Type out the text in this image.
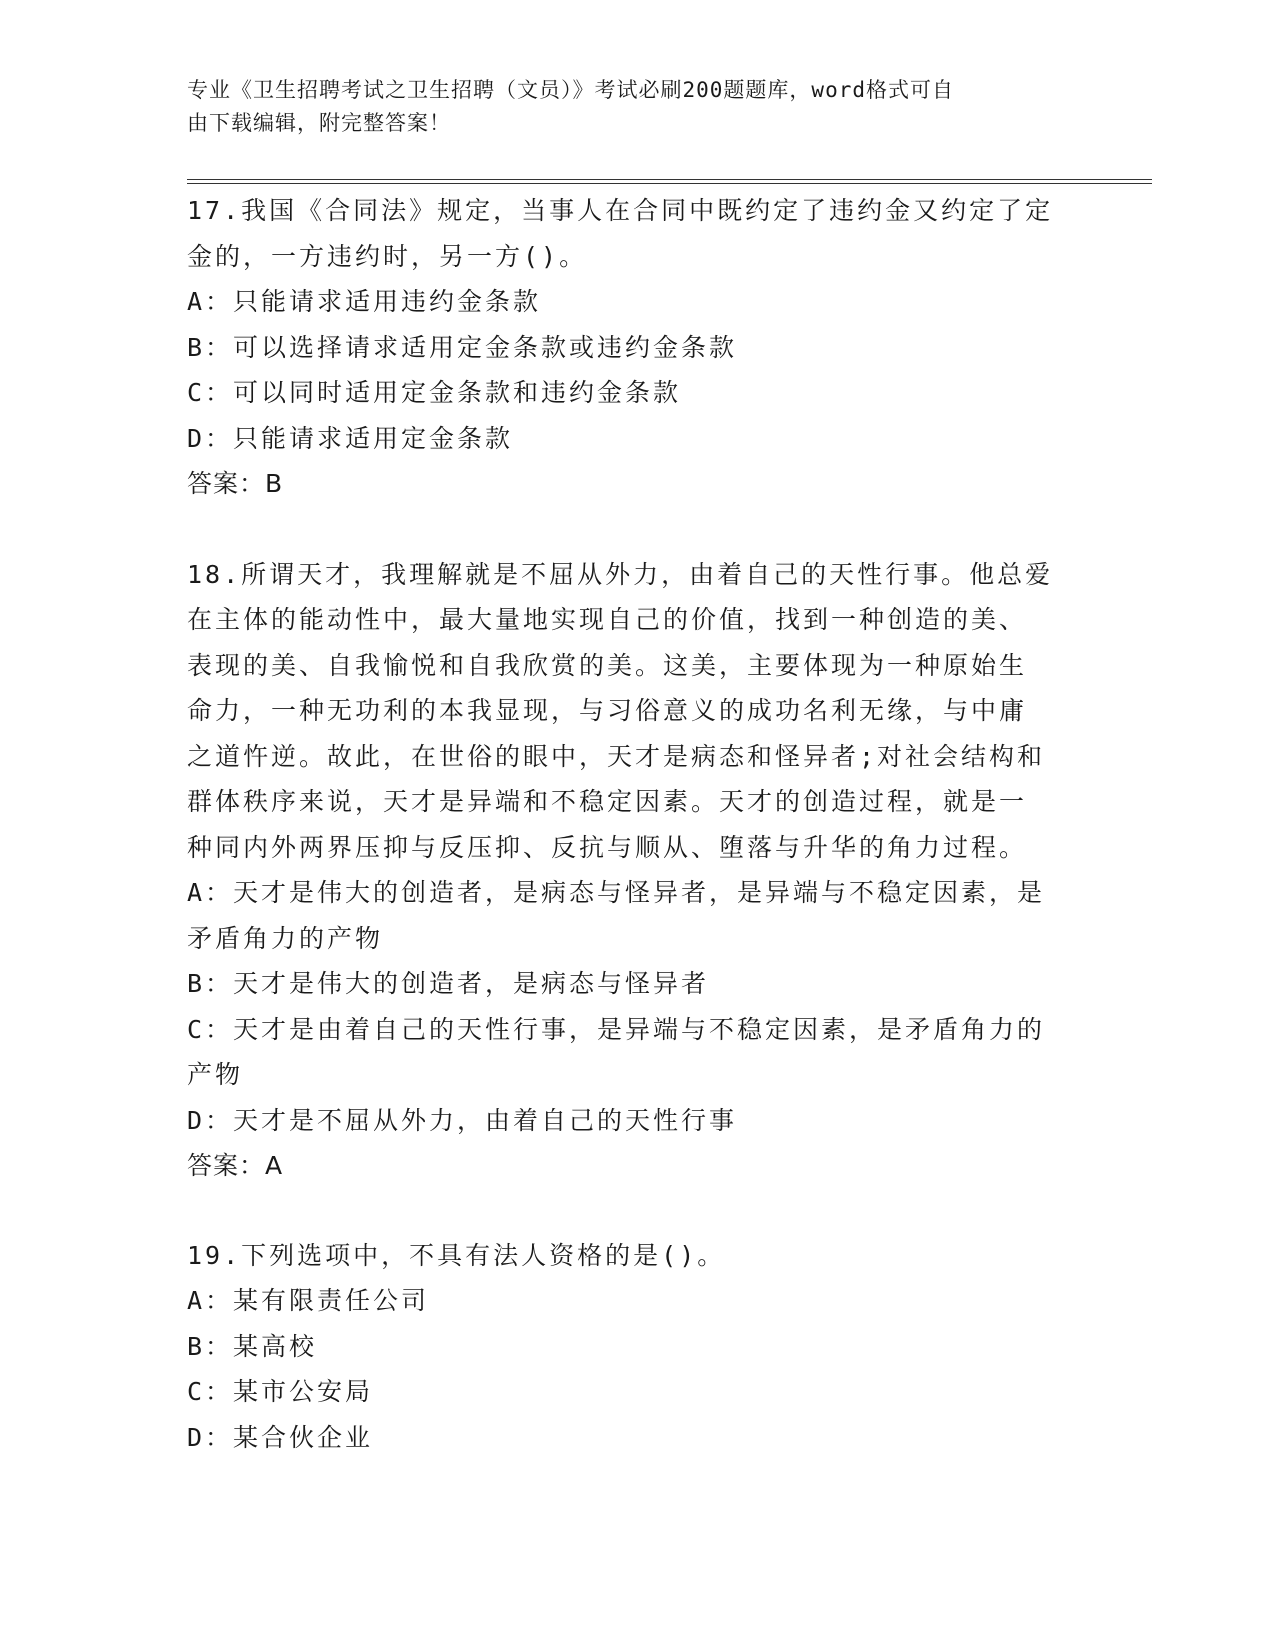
专业《卫生招聘考试之卫生招聘（文员）》考试必刷200题题库，word格式可自
由下载编辑，附完整答案！

17.我国《合同法》规定，当事人在合同中既约定了违约金又约定了定

金的，一方违约时，另一方()。

A：只能请求适用违约金条款

B：可以选择请求适用定金条款或违约金条款

C：可以同时适用定金条款和违约金条款

D：只能请求适用定金条款

答案：B

18.所谓天才，我理解就是不屈从外力，由着自己的天性行事。他总爱

在主体的能动性中，最大量地实现自己的价值，找到一种创造的美、

表现的美、自我愉悦和自我欣赏的美。这美，主要体现为一种原始生

命力，一种无功利的本我显现，与习俗意义的成功名利无缘，与中庸

之道忤逆。故此，在世俗的眼中，天才是病态和怪异者;对社会结构和

群体秩序来说，天才是异端和不稳定因素。天才的创造过程，就是一

种同内外两界压抑与反压抑、反抗与顺从、堕落与升华的角力过程。

A：天才是伟大的创造者，是病态与怪异者，是异端与不稳定因素，是

矛盾角力的产物

B：天才是伟大的创造者，是病态与怪异者

C：天才是由着自己的天性行事，是异端与不稳定因素，是矛盾角力的

产物

D：天才是不屈从外力，由着自己的天性行事

答案：A

19.下列选项中，不具有法人资格的是()。

A：某有限责任公司

B：某高校

C：某市公安局

D：某合伙企业
